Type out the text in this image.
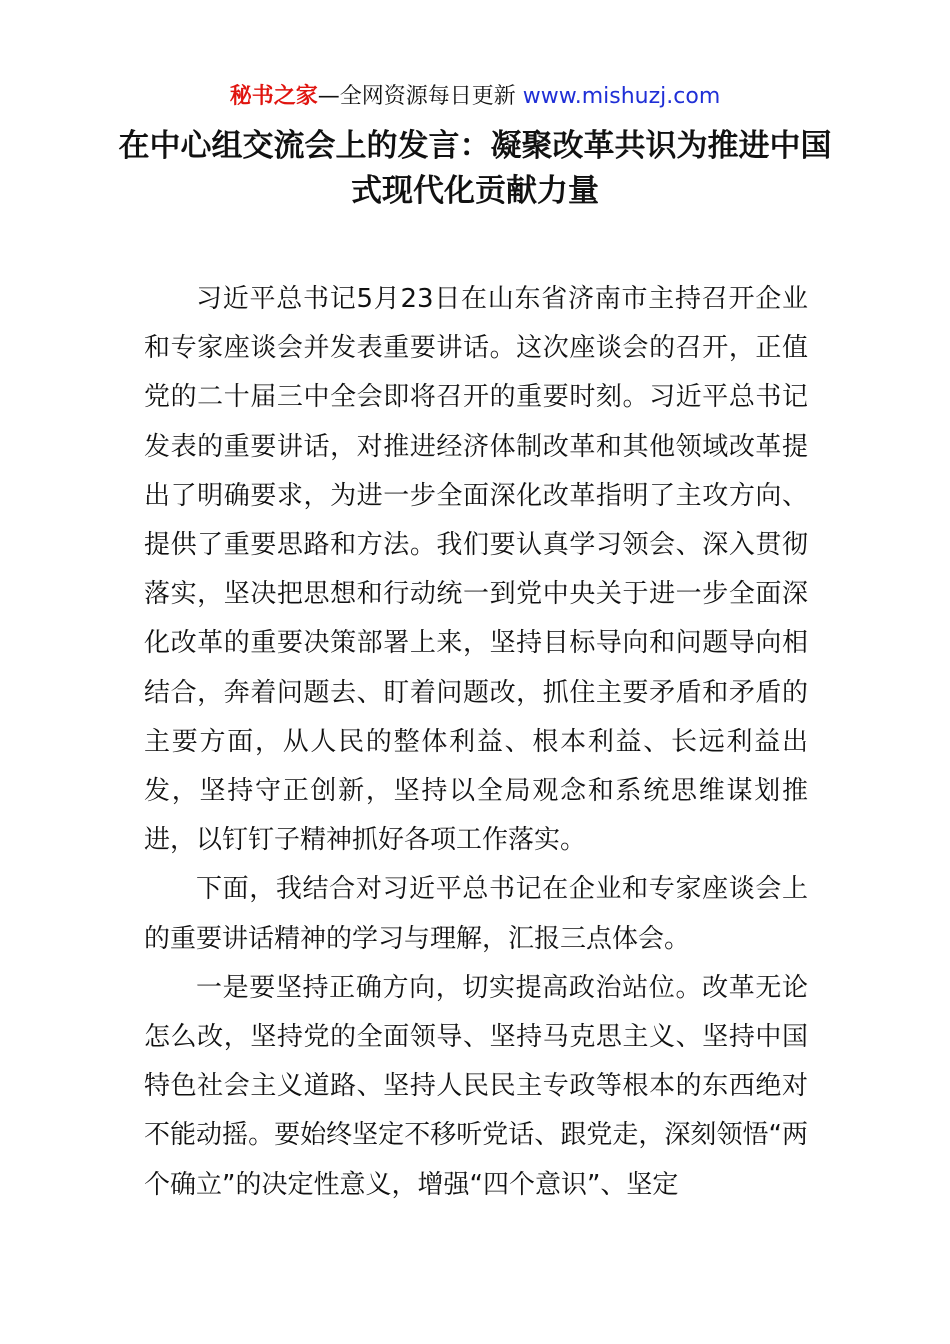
秘书之家—全网资源每日更新 www.mishuzj.com
在中心组交流会上的发言：凝聚改革共识为推进中国式现代化贡献力量

习近平总书记5月23日在山东省济南市主持召开企业和专家座谈会并发表重要讲话。这次座谈会的召开，正值党的二十届三中全会即将召开的重要时刻。习近平总书记发表的重要讲话，对推进经济体制改革和其他领域改革提出了明确要求，为进一步全面深化改革指明了主攻方向、提供了重要思路和方法。我们要认真学习领会、深入贯彻落实，坚决把思想和行动统一到党中央关于进一步全面深化改革的重要决策部署上来，坚持目标导向和问题导向相结合，奔着问题去、盯着问题改，抓住主要矛盾和矛盾的主要方面，从人民的整体利益、根本利益、长远利益出发，坚持守正创新，坚持以全局观念和系统思维谋划推进，以钉钉子精神抓好各项工作落实。

下面，我结合对习近平总书记在企业和专家座谈会上的重要讲话精神的学习与理解，汇报三点体会。

一是要坚持正确方向，切实提高政治站位。改革无论怎么改，坚持党的全面领导、坚持马克思主义、坚持中国特色社会主义道路、坚持人民民主专政等根本的东西绝对不能动摇。要始终坚定不移听党话、跟党走，深刻领悟“两个确立”的决定性意义，增强“四个意识”、坚定
